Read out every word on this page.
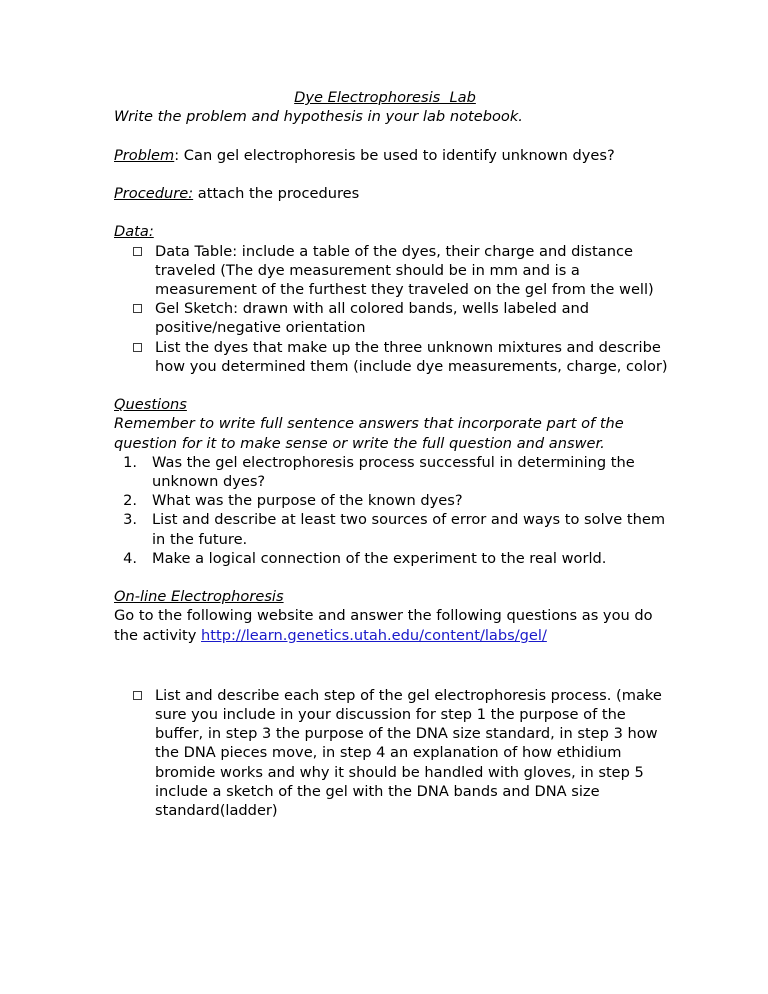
Dye Electrophoresis  Lab

Write the problem and hypothesis in your lab notebook.

Problem: Can gel electrophoresis be used to identify unknown dyes?

Procedure: attach the procedures

Data:

Data Table: include a table of the dyes, their charge and distance traveled (The dye measurement should be in mm and is a measurement of the furthest they traveled on the gel from the well)
Gel Sketch: drawn with all colored bands, wells labeled and positive/negative orientation
List the dyes that make up the three unknown mixtures and describe how you determined them (include dye measurements, charge, color)

Questions

Remember to write full sentence answers that incorporate part of the question for it to make sense or write the full question and answer.

Was the gel electrophoresis process successful in determining the unknown dyes?
What was the purpose of the known dyes?
List and describe at least two sources of error and ways to solve them in the future.
Make a logical connection of the experiment to the real world.

On-line Electrophoresis

Go to the following website and answer the following questions as you do the activity http://learn.genetics.utah.edu/content/labs/gel/

List and describe each step of the gel electrophoresis process. (make sure you include in your discussion for step 1 the purpose of the buffer, in step 3 the purpose of the DNA size standard, in step 3 how the DNA pieces move, in step 4 an explanation of how ethidium bromide works and why it should be handled with gloves, in step 5 include a sketch of the gel with the DNA bands and DNA size standard(ladder)
